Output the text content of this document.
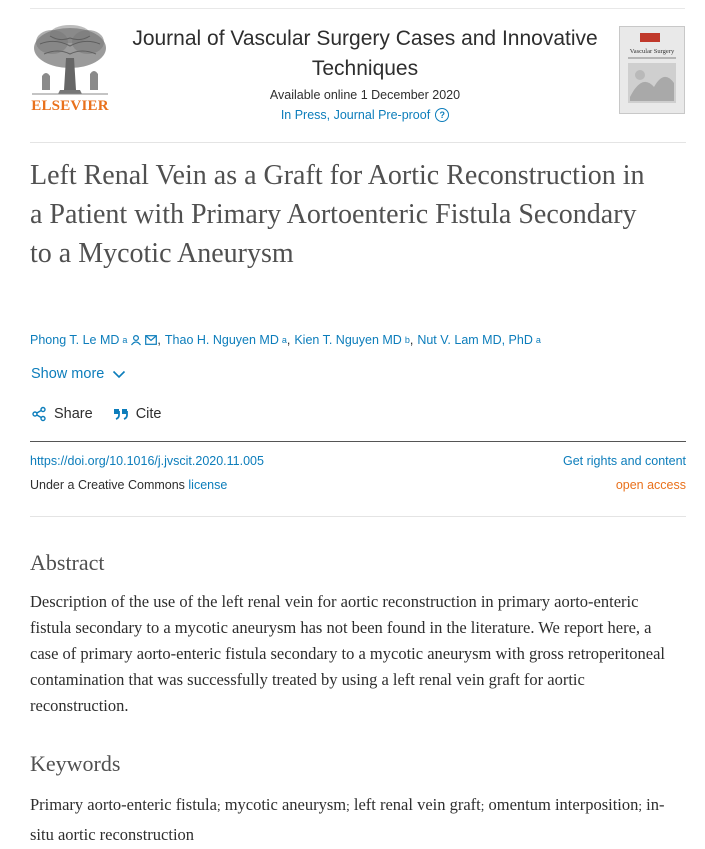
ELSEVIER
Journal of Vascular Surgery Cases and Innovative Techniques
Available online 1 December 2020
In Press, Journal Pre-proof	?
Vascular Surgery
Left Renal Vein as a Graft for Aortic Reconstruction in a Patient with Primary Aortoenteric Fistula Secondary to a Mycotic Aneurysm
Phong T. Le MD a , Thao H. Nguyen MD a , Kien T. Nguyen MD b , Nut V. Lam MD, PhD a
Show more
Share	Cite
https://doi.org/10.1016/j.jvscit.2020.11.005	Get rights and content
Under a Creative Commons license	open access
Abstract

Description of the use of the left renal vein for aortic reconstruction in primary aorto-enteric fistula secondary to a mycotic aneurysm has not been found in the literature. We report here, a case of primary aorto-enteric fistula secondary to a mycotic aneurysm with gross retroperitoneal contamination that was successfully treated by using a left renal vein graft for aortic reconstruction.

Keywords

Primary aorto-enteric fistula; mycotic aneurysm; left renal vein graft; omentum interposition; in-situ aortic reconstruction
